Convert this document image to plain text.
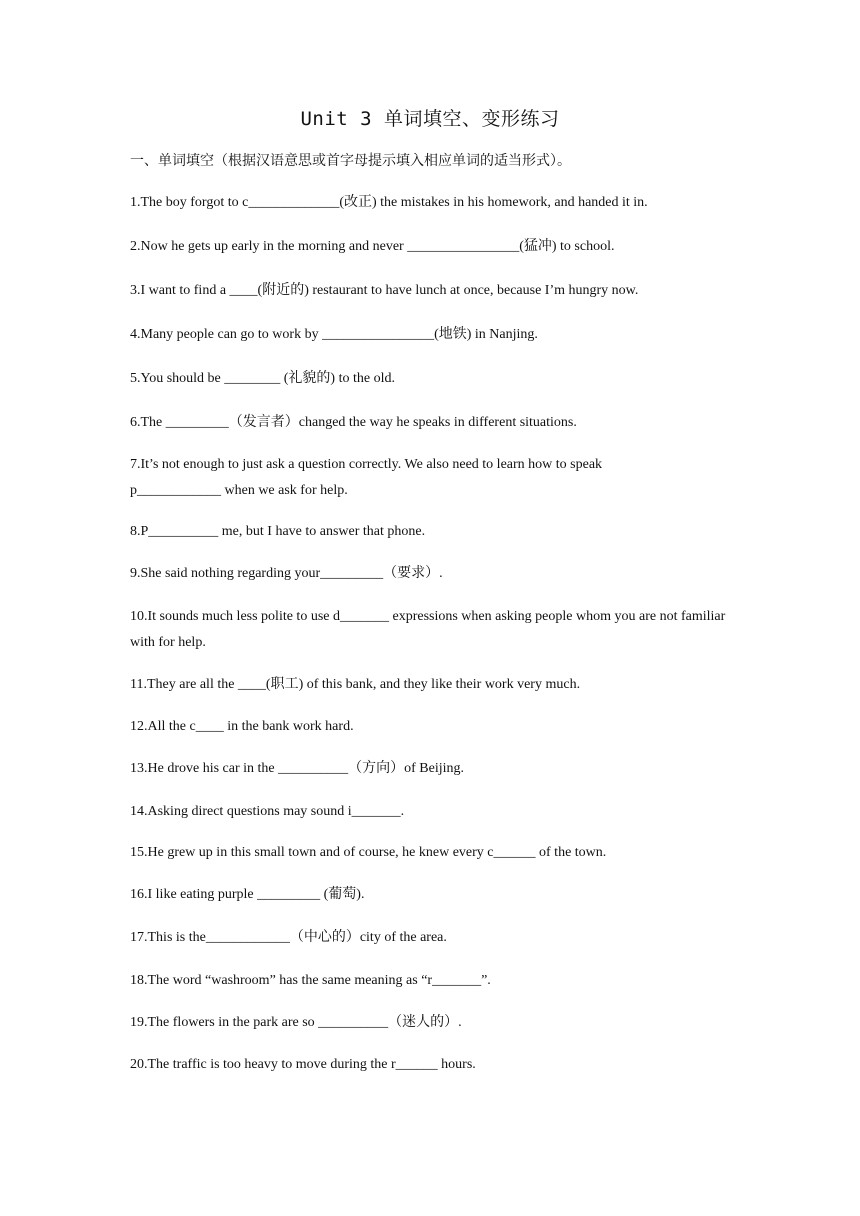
Unit 3 单词填空、变形练习
一、单词填空（根据汉语意思或首字母提示填入相应单词的适当形式）。
1.The boy forgot to c_____________(改正) the mistakes in his homework, and handed it in.
2.Now he gets up early in the morning and never ________________(猛冲) to school.
3.I want to find a ____(附近的) restaurant to have lunch at once, because I’m hungry now.
4.Many people can go to work by ________________(地铁) in Nanjing.
5.You should be ________ (礼貌的) to the old.
6.The _________（发言者）changed the way he speaks in different situations.
7.It’s not enough to just ask a question correctly. We also need to learn how to speak p____________ when we ask for help.
8.P__________ me, but I have to answer that phone.
9.She said nothing regarding your_________（要求）.
10.It sounds much less polite to use d_______ expressions when asking people whom you are not familiar with for help.
11.They are all the ____(职工) of this bank, and they like their work very much.
12.All the c____ in the bank work hard.
13.He drove his car in the __________（方向）of Beijing.
14.Asking direct questions may sound i_______.
15.He grew up in this small town and of course, he knew every c______ of the town.
16.I like eating purple _________ (葡萄).
17.This is the____________（中心的）city of the area.
18.The word “washroom” has the same meaning as “r_______”.
19.The flowers in the park are so __________（迷人的）.
20.The traffic is too heavy to move during the r______ hours.
